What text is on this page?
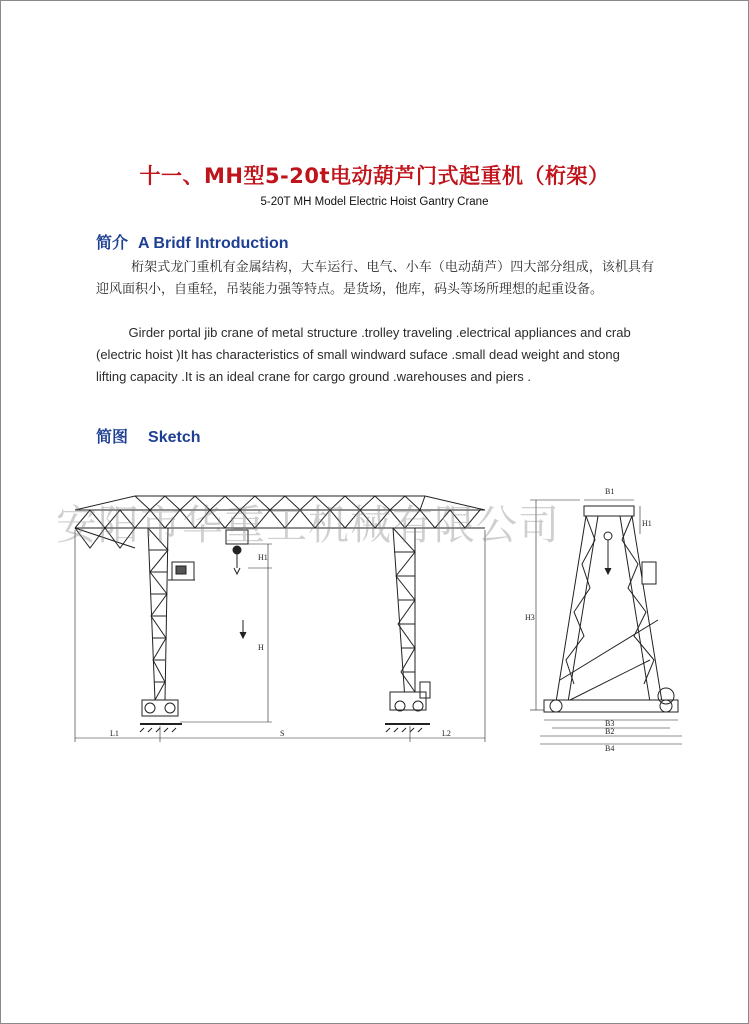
十一、MH型5-20t电动葫芦门式起重机（桁架）
5-20T MH Model Electric Hoist Gantry Crane
简介 A Bridf Introduction

桁架式龙门重机有金属结构，大车运行、电气、小车（电动葫芦）四大部分组成，该机具有迎风面积小，自重轻，吊装能力强等特点。是货场，他库，码头等场所理想的起重设备。

Girder portal jib crane of metal structure .trolley traveling .electrical appliances and crab (electric hoist )It has characteristics of small windward suface .small dead weight and stong lifting capacity .It is an ideal crane for cargo ground .warehouses and piers .

简图 Sketch
H1
H
S
L1	L2
B1
H3
H1
B3
B2
B4
安阳市华重工机械有限公司
